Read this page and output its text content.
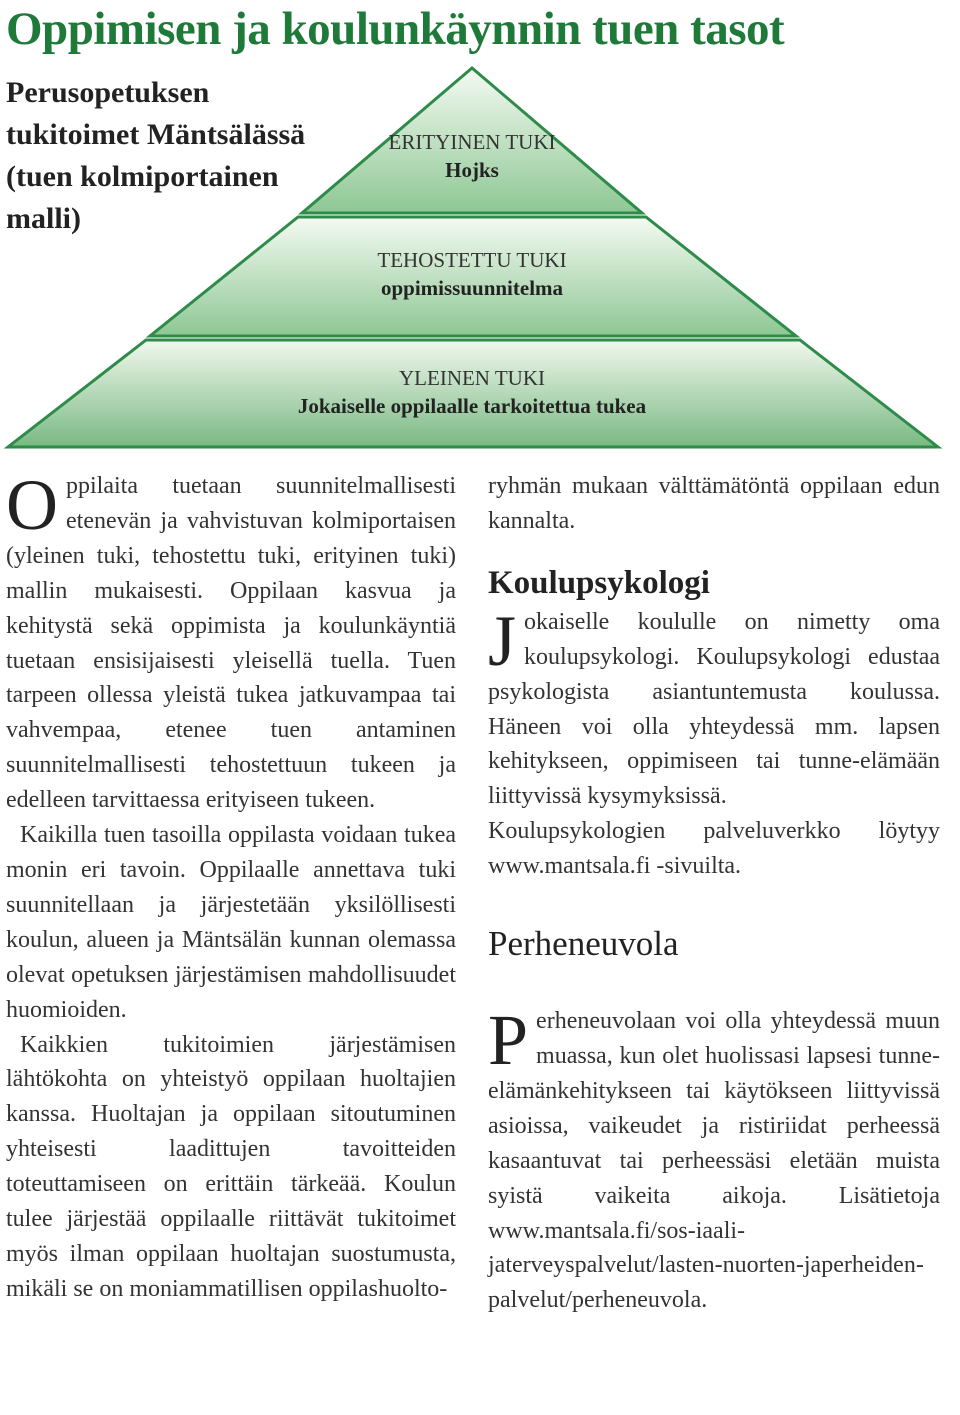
Oppimisen ja koulunkäynnin tuen tasot
Perusopetuksen tukitoimet Mäntsälässä (tuen kolmiportainen malli)
ERITYINEN TUKI
Hojks
TEHOSTETTU TUKI
oppimissuunnitelma
YLEINEN TUKI
Jokaiselle oppilaalle tarkoitettua tukea

Oppilaita tuetaan suunnitelmallisesti etenevän ja vahvistuvan kolmiportaisen (yleinen tuki, tehostettu tuki, erityinen tuki) mallin mukaisesti. Oppilaan kasvua ja kehitystä sekä oppimista ja koulunkäyntiä tuetaan ensisijaisesti yleisellä tuella. Tuen tarpeen ollessa yleistä tukea jatkuvampaa tai vahvempaa, etenee tuen antaminen suunnitelmallisesti tehostettuun tukeen ja edelleen tarvittaessa erityiseen tukeen.

Kaikilla tuen tasoilla oppilasta voidaan tukea monin eri tavoin. Oppilaalle annettava tuki suunnitellaan ja järjestetään yksilöllisesti koulun, alueen ja Mäntsälän kunnan olemassa olevat opetuksen järjestämisen mahdollisuudet huomioiden.

Kaikkien tukitoimien järjestämisen lähtökohta on yhteistyö oppilaan huoltajien kanssa. Huoltajan ja oppilaan sitoutuminen yhteisesti laadittujen tavoitteiden toteuttamiseen on erittäin tärkeää. Koulun tulee järjestää oppilaalle riittävät tukitoimet myös ilman oppilaan huoltajan suostumusta, mikäli se on moniammatillisen oppilashuolto-

ryhmän mukaan välttämätöntä oppilaan edun kannalta.

Koulupsykologi

Jokaiselle koululle on nimetty oma koulupsykologi. Koulupsykologi edustaa psykologista asiantuntemusta koulussa. Häneen voi olla yhteydessä mm. lapsen kehitykseen, oppimiseen tai tunne-elämään liittyvissä kysymyksissä.

Koulupsykologien palveluverkko löytyy www.mantsala.fi -sivuilta.

Perheneuvola

Perheneuvolaan voi olla yhteydessä muun muassa, kun olet huolissasi lapsesi tunne-elämänkehitykseen tai käytökseen liittyvissä asioissa, vaikeudet ja ristiriidat perheessä kasaantuvat tai perheessäsi eletään muista syistä vaikeita aikoja. Lisätietoja www.mantsala.fi/sos-iaali-jaterveyspalvelut/lasten-nuorten-japerheiden-palvelut/perheneuvola.
